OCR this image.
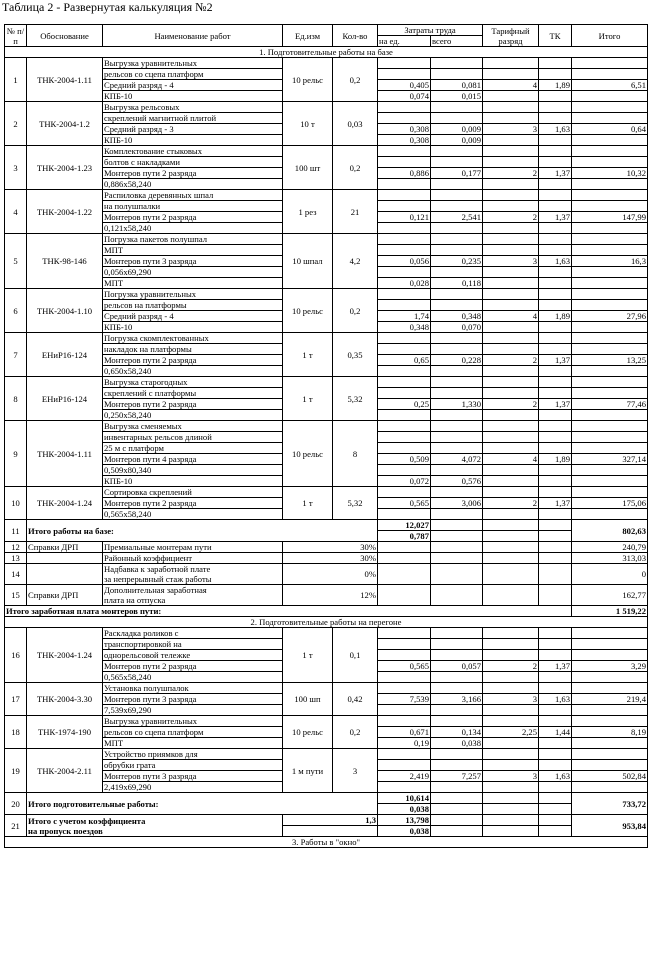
Таблица 2 - Развернутая калькуляция №2
№ п/п	Обоснование	Наименование работ	Ед.изм	Кол-во	Затраты труда		Тарифный разряд	ТК	Итого
					на ед.	всего			
1. Подготовительные работы на базе									
1	ТНК-2004-1.11	Выгрузка уравнительных	10 рельс	0,2					
		рельсов со сцепа платформ							
		Средний разряд - 4			0,405	0,081	4	1,89	6,51
		КПБ-10			0,074	0,015			
2	ТНК-2004-1.2	Выгрузка рельсовых	10 т	0,03					
		скреплений магнитной плитой							
		Средний разряд - 3			0,308	0,009	3	1,63	0,64
		КПБ-10			0,308	0,009			
3	ТНК-2004-1.23	Комплектование стыковых	100 шт	0,2					
		болтов с накладками							
		Монтеров пути 2 разряда			0,886	0,177	2	1,37	10,32
		0,886х58,240							
4	ТНК-2004-1.22	Распиловка деревянных шпал	1 рез	21					
		на полушпалки							
		Монтеров пути 2 разряда			0,121	2,541	2	1,37	147,99
		0,121х58,240							
5	ТНК-98-146	Погрузка пакетов полушпал	10 шпал	4,2					
		МПТ							
		Монтеров пути 3 разряда			0,056	0,235	3	1,63	16,3
		0,056х69,290							
		МПТ			0,028	0,118			
6	ТНК-2004-1.10	Погрузка уравнительных	10 рельс	0,2					
		рельсов на платформы							
		Средний разряд - 4			1,74	0,348	4	1,89	27,96
		КПБ-10			0,348	0,070			
7	ЕНиР16-124	Погрузка скомплектованных	1 т	0,35					
		накладок на платформы							
		Монтеров пути 2 разряда			0,65	0,228	2	1,37	13,25
		0,650х58,240							
8	ЕНиР16-124	Выгрузка старогодных	1 т	5,32					
		скреплений с платформы							
		Монтеров пути 2 разряда			0,25	1,330	2	1,37	77,46
		0,250х58,240							
9	ТНК-2004-1.11	Выгрузка сменяемых	10 рельс	8					
		инвентарных рельсов длиной							
		25 м с платформ							
		Монтеров пути 4 разряда			0,509	4,072	4	1,89	327,14
		0,509х80,340							
		КПБ-10			0,072	0,576			
10	ТНК-2004-1.24	Сортировка скреплений	1 т	5,32					
		Монтеров пути 2 разряда			0,565	3,006	2	1,37	175,06
		0,565х58,240							
11	Итого работы на базе:				12,027				802,63
					0,787				
12	Справки ДРП	Премиальные монтерам пути	30%						240,79
13		Районный коэффициент	30%						313,03
14		Надбавка к заработной плате
за непрерывный стаж работы	0%						0
15	Справки ДРП	Дополнительная заработная
плата на отпуска	12%						162,77
Итого заработная плата монтеров пути:									1 519,22
2. Подготовительные работы на перегоне									
16	ТНК-2004-1.24	Раскладка роликов с	1 т	0,1					
		транспортировкой на							
		однорельсовой тележке							
		Монтеров пути 2 разряда			0,565	0,057	2	1,37	3,29
		0,565х58,240							
17	ТНК-2004-3.30	Установка полушпалок	100 шп	0,42					
		Монтеров пути 3 разряда			7,539	3,166	3	1,63	219,4
		7,539х69,290							
18	ТНК-1974-190	Выгрузка уравнительных	10 рельс	0,2					
		рельсов со сцепа платформ			0,671	0,134	2,25	1,44	8,19
		МПТ			0,19	0,038			
19	ТНК-2004-2.11	Устройство приямков для	1 м пути	3					
		обрубки грата							
		Монтеров пути 3 разряда			2,419	7,257	3	1,63	502,84
		2,419х69,290							
20	Итого подготовительные работы:				10,614				733,72
					0,038				
21	Итого с учетом коэффициента
на пропуск поездов		1,3		13,798				953,84
					0,038				
3. Работы в "окно"									
